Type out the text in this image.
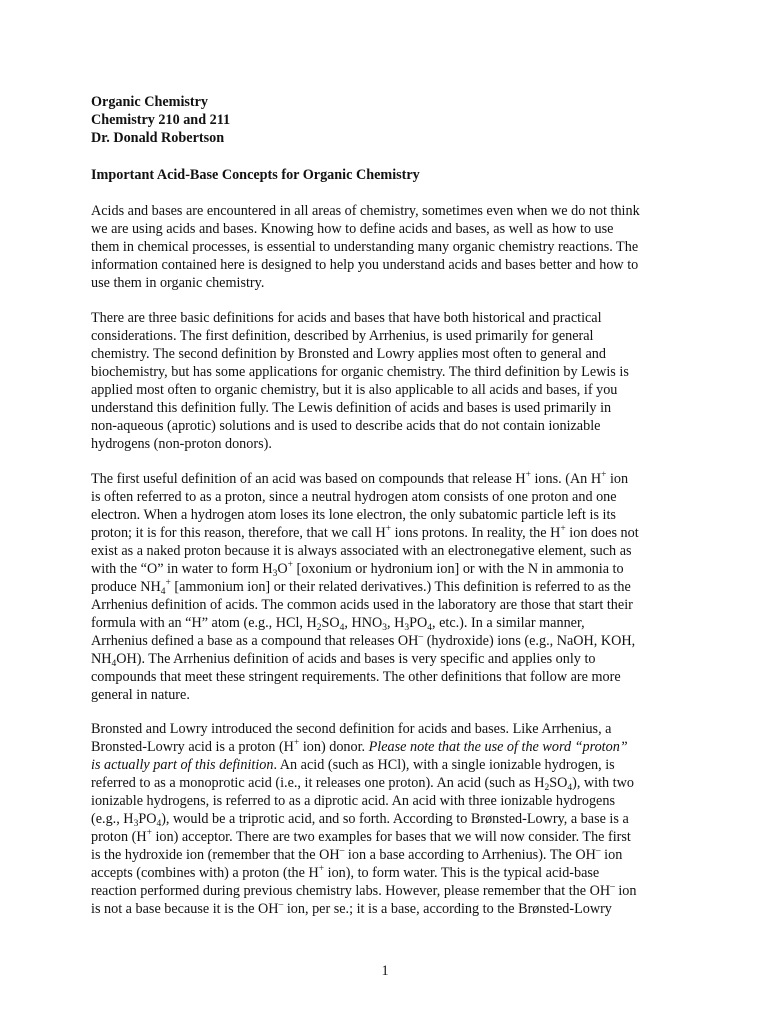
Organic Chemistry
Chemistry 210 and 211
Dr. Donald Robertson
Important Acid-Base Concepts for Organic Chemistry
Acids and bases are encountered in all areas of chemistry, sometimes even when we do not think
we are using acids and bases. Knowing how to define acids and bases, as well as how to use
them in chemical processes, is essential to understanding many organic chemistry reactions. The
information contained here is designed to help you understand acids and bases better and how to
use them in organic chemistry.
There are three basic definitions for acids and bases that have both historical and practical
considerations. The first definition, described by Arrhenius, is used primarily for general
chemistry. The second definition by Bronsted and Lowry applies most often to general and
biochemistry, but has some applications for organic chemistry. The third definition by Lewis is
applied most often to organic chemistry, but it is also applicable to all acids and bases, if you
understand this definition fully. The Lewis definition of acids and bases is used primarily in
non-aqueous (aprotic) solutions and is used to describe acids that do not contain ionizable
hydrogens (non-proton donors).
The first useful definition of an acid was based on compounds that release H+ ions. (An H+ ion
is often referred to as a proton, since a neutral hydrogen atom consists of one proton and one
electron. When a hydrogen atom loses its lone electron, the only subatomic particle left is its
proton; it is for this reason, therefore, that we call H+ ions protons. In reality, the H+ ion does not
exist as a naked proton because it is always associated with an electronegative element, such as
with the “O” in water to form $H_3O^+$ [oxonium or hydronium ion] or with the N in ammonia to
produce $NH_4^+$ [ammonium ion] or their related derivatives.) This definition is referred to as the
Arrhenius definition of acids. The common acids used in the laboratory are those that start their
formula with an “H” atom (e.g., HCl, $H_2SO_4$, $HNO_3$, $H_3PO_4$, etc.). In a similar manner,
Arrhenius defined a base as a compound that releases OH– (hydroxide) ions (e.g., NaOH, KOH,
$NH_4OH$). The Arrhenius definition of acids and bases is very specific and applies only to
compounds that meet these stringent requirements. The other definitions that follow are more
general in nature.
Bronsted and Lowry introduced the second definition for acids and bases. Like Arrhenius, a
Bronsted-Lowry acid is a proton (H+ ion) donor. Please note that the use of the word “proton”
is actually part of this definition. An acid (such as HCl), with a single ionizable hydrogen, is
referred to as a monoprotic acid (i.e., it releases one proton). An acid (such as $H_2SO_4$), with two
ionizable hydrogens, is referred to as a diprotic acid. An acid with three ionizable hydrogens
(e.g., $H_3PO_4$), would be a triprotic acid, and so forth. According to Brønsted-Lowry, a base is a
proton (H+ ion) acceptor. There are two examples for bases that we will now consider. The first
is the hydroxide ion (remember that the OH– ion a base according to Arrhenius). The OH– ion
accepts (combines with) a proton (the H+ ion), to form water. This is the typical acid-base
reaction performed during previous chemistry labs. However, please remember that the OH– ion
is not a base because it is the OH– ion, per se.; it is a base, according to the Brønsted-Lowry
1
